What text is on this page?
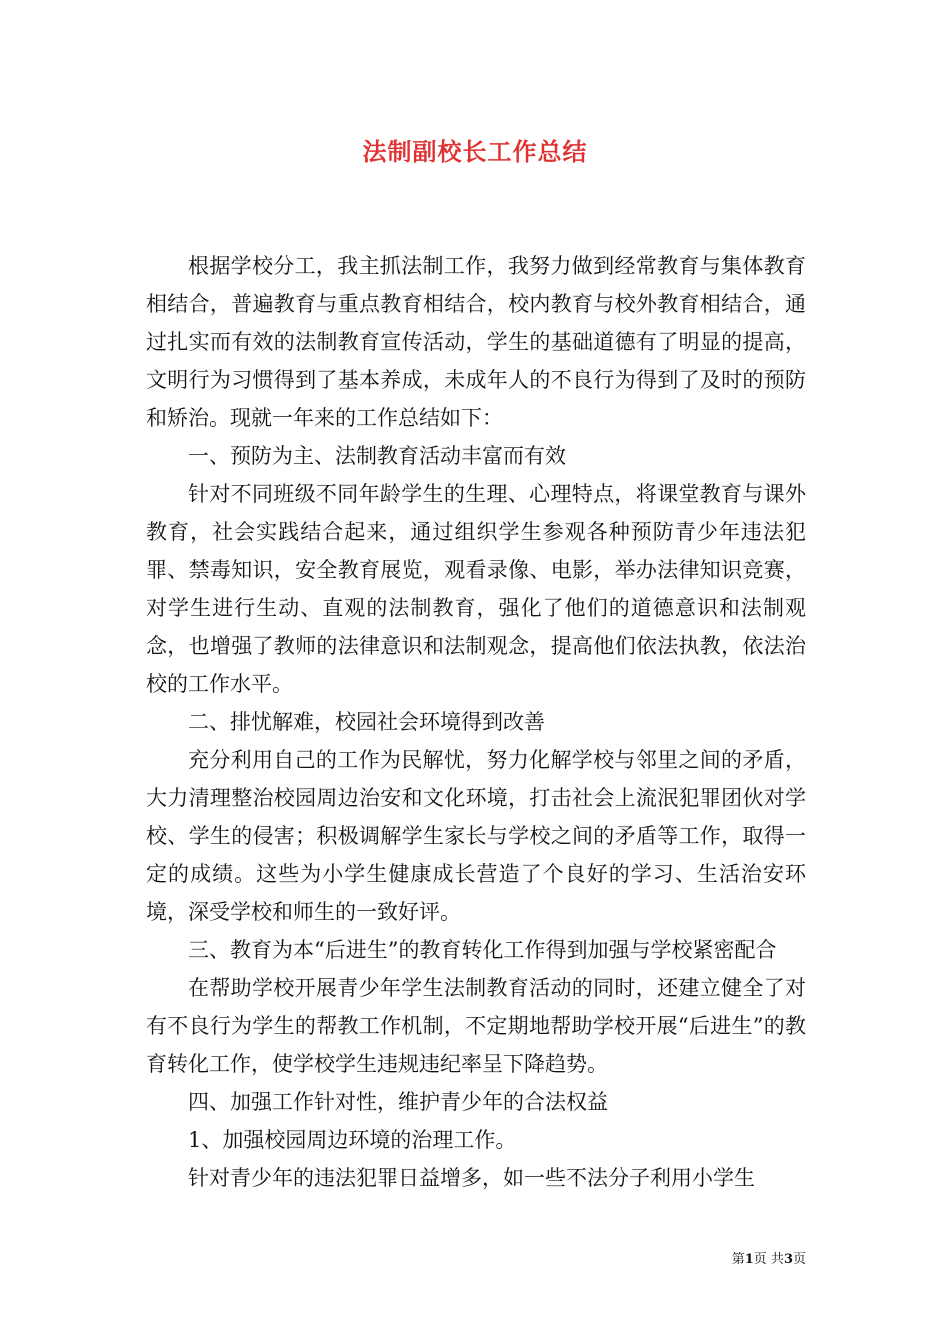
法制副校长工作总结

根据学校分工，我主抓法制工作，我努力做到经常教育与集体教育相结合，普遍教育与重点教育相结合，校内教育与校外教育相结合，通过扎实而有效的法制教育宣传活动，学生的基础道德有了明显的提高，文明行为习惯得到了基本养成，未成年人的不良行为得到了及时的预防和矫治。现就一年来的工作总结如下：

一、预防为主、法制教育活动丰富而有效

针对不同班级不同年龄学生的生理、心理特点，将课堂教育与课外教育，社会实践结合起来，通过组织学生参观各种预防青少年违法犯罪、禁毒知识，安全教育展览，观看录像、电影，举办法律知识竞赛，对学生进行生动、直观的法制教育，强化了他们的道德意识和法制观念，也增强了教师的法律意识和法制观念，提高他们依法执教，依法治校的工作水平。

二、排忧解难，校园社会环境得到改善

充分利用自己的工作为民解忧，努力化解学校与邻里之间的矛盾，大力清理整治校园周边治安和文化环境，打击社会上流泯犯罪团伙对学校、学生的侵害；积极调解学生家长与学校之间的矛盾等工作，取得一定的成绩。这些为小学生健康成长营造了个良好的学习、生活治安环境，深受学校和师生的一致好评。

三、教育为本“后进生”的教育转化工作得到加强与学校紧密配合

在帮助学校开展青少年学生法制教育活动的同时，还建立健全了对有不良行为学生的帮教工作机制，不定期地帮助学校开展“后进生”的教育转化工作，使学校学生违规违纪率呈下降趋势。

四、加强工作针对性，维护青少年的合法权益

1、加强校园周边环境的治理工作。

针对青少年的违法犯罪日益增多，如一些不法分子利用小学生

第1页 共3页
